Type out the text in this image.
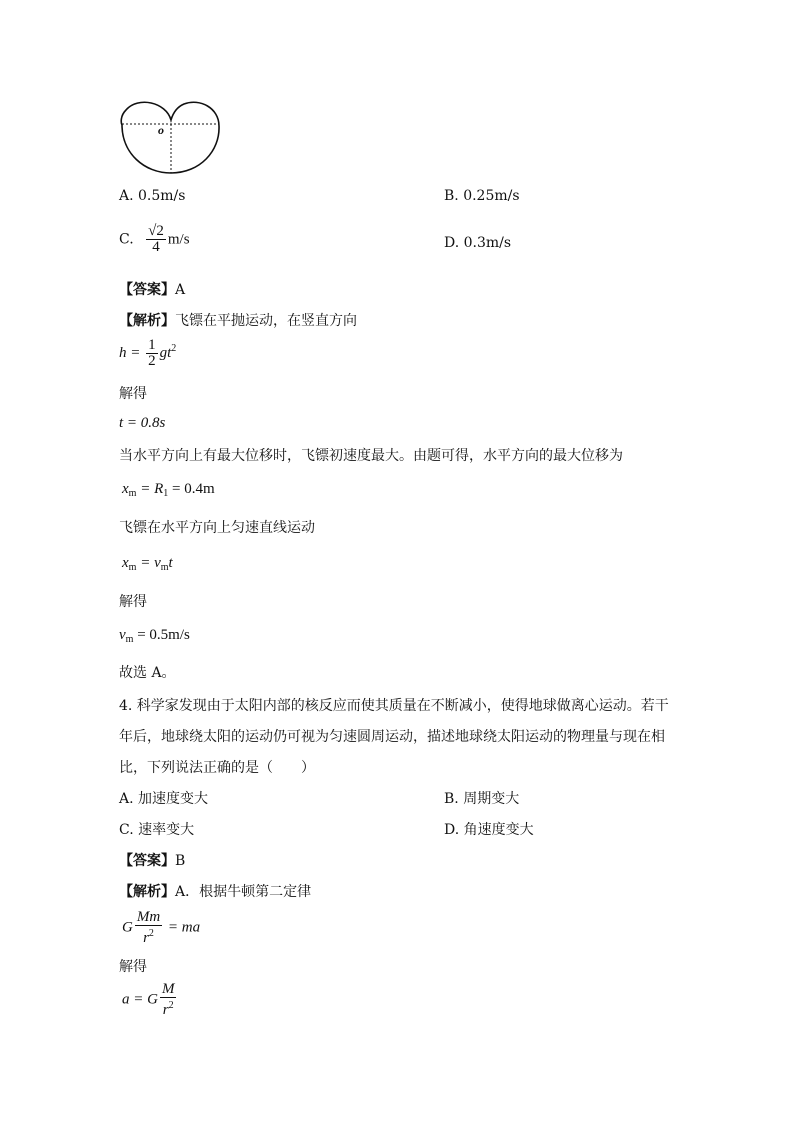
o
A. 0.5m/s	B. 0.25m/s
C. $\frac{√2}{4} m/s$	D. 0.3m/s
【答案】A
【解析】飞镖在平抛运动，在竖直方向
$h = \frac{1}{2} gt^2$
解得
t = 0.8s
当水平方向上有最大位移时，飞镖初速度最大。由题可得，水平方向的最大位移为
$x_m = R_1 = 0.4m$
飞镖在水平方向上匀速直线运动
$x_m = v_mt$
解得
$v_m = 0.5m/s$
故选 A。
4. 科学家发现由于太阳内部的核反应而使其质量在不断减小，使得地球做离心运动。若干
年后，地球绕太阳的运动仍可视为匀速圆周运动，描述地球绕太阳运动的物理量与现在相
比，下列说法正确的是（　　）
A. 加速度变大	B. 周期变大
C. 速率变大	D. 角速度变大
【答案】B
【解析】A．根据牛顿第二定律
G $\frac{Mm}{r^2}$ = ma
解得
a = G $\frac{M}{r^2}$
